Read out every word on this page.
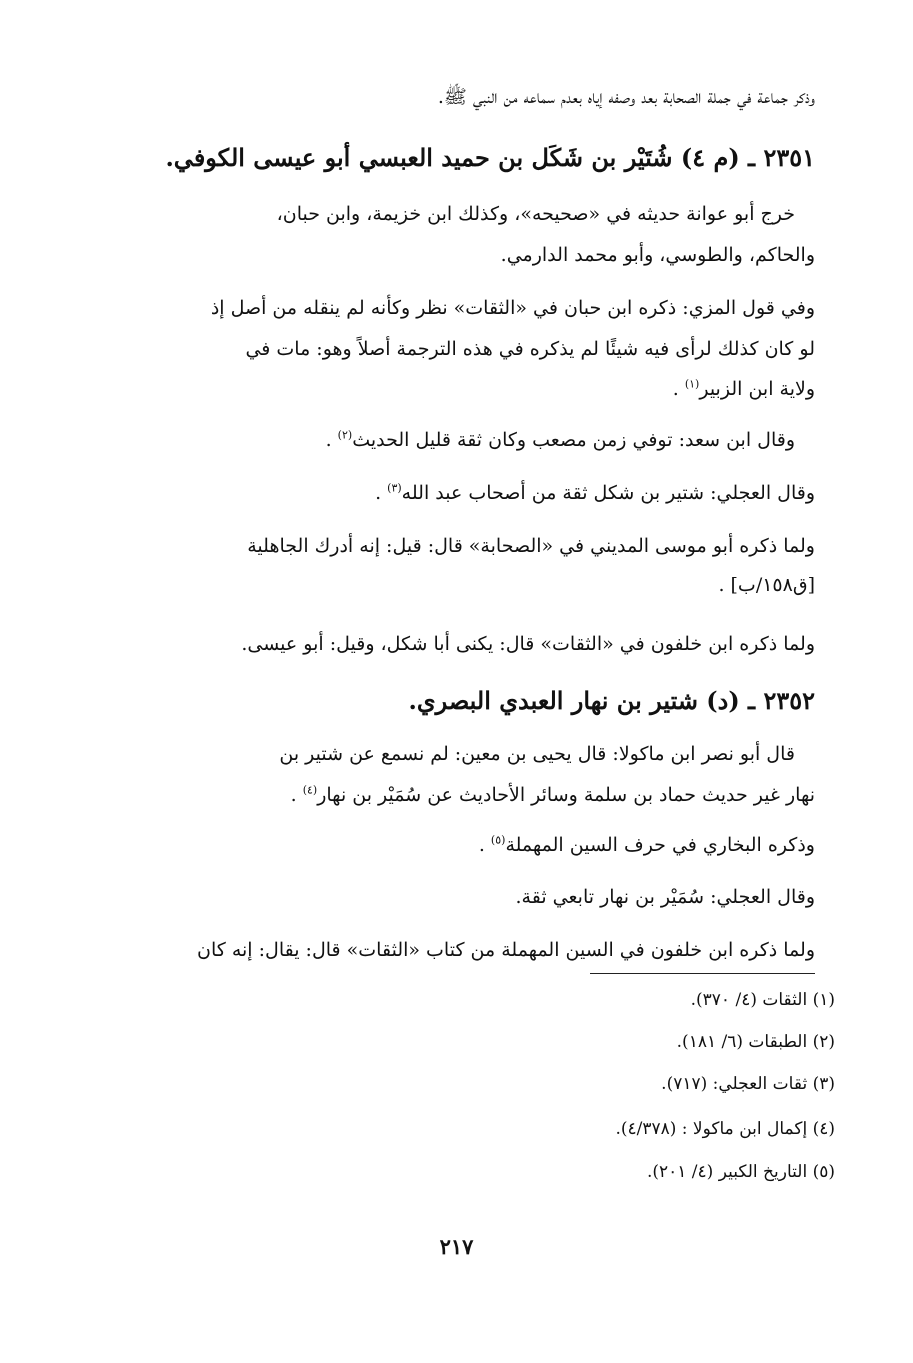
وذكر جماعة في جملة الصحابة بعد وصفه إياه بعدم سماعه من النبي ﷺ.
٢٣٥١ ـ (م ٤) شُتَيْر بن شَكَل بن حميد العبسي أبو عيسى الكوفي.
خرج أبو عوانة حديثه في «صحيحه»، وكذلك ابن خزيمة، وابن حبان،
والحاكم، والطوسي، وأبو محمد الدارمي.
وفي قول المزي: ذكره ابن حبان في «الثقات» نظر وكأنه لم ينقله من أصل إذ
لو كان كذلك لرأى فيه شيئًا لم يذكره في هذه الترجمة أصلاً وهو: مات في
ولاية ابن الزبير$^{(١)}$ .
وقال ابن سعد: توفي زمن مصعب وكان ثقة قليل الحديث$^{(٢)}$ .
وقال العجلي: شتير بن شكل ثقة من أصحاب عبد الله$^{(٣)}$ .
ولما ذكره أبو موسى المديني في «الصحابة» قال: قيل: إنه أدرك الجاهلية
[ق١٥٨/ب] .
ولما ذكره ابن خلفون في «الثقات» قال: يكنى أبا شكل، وقيل: أبو عيسى.
٢٣٥٢ ـ (د) شتير بن نهار العبدي البصري.
قال أبو نصر ابن ماكولا: قال يحيى بن معين: لم نسمع عن شتير بن
نهار غير حديث حماد بن سلمة وسائر الأحاديث عن سُمَيْر بن نهار$^{(٤)}$ .
وذكره البخاري في حرف السين المهملة$^{(٥)}$ .
وقال العجلي: سُمَيْر بن نهار تابعي ثقة.
ولما ذكره ابن خلفون في السين المهملة من كتاب «الثقات» قال: يقال: إنه كان
(١) الثقات (٤/ ٣٧٠).
(٢) الطبقات (٦/ ١٨١).
(٣) ثقات العجلي: (٧١٧).
(٤) إكمال ابن ماكولا : (٤/٣٧٨).
(٥) التاريخ الكبير (٤/ ٢٠١).
٢١٧
